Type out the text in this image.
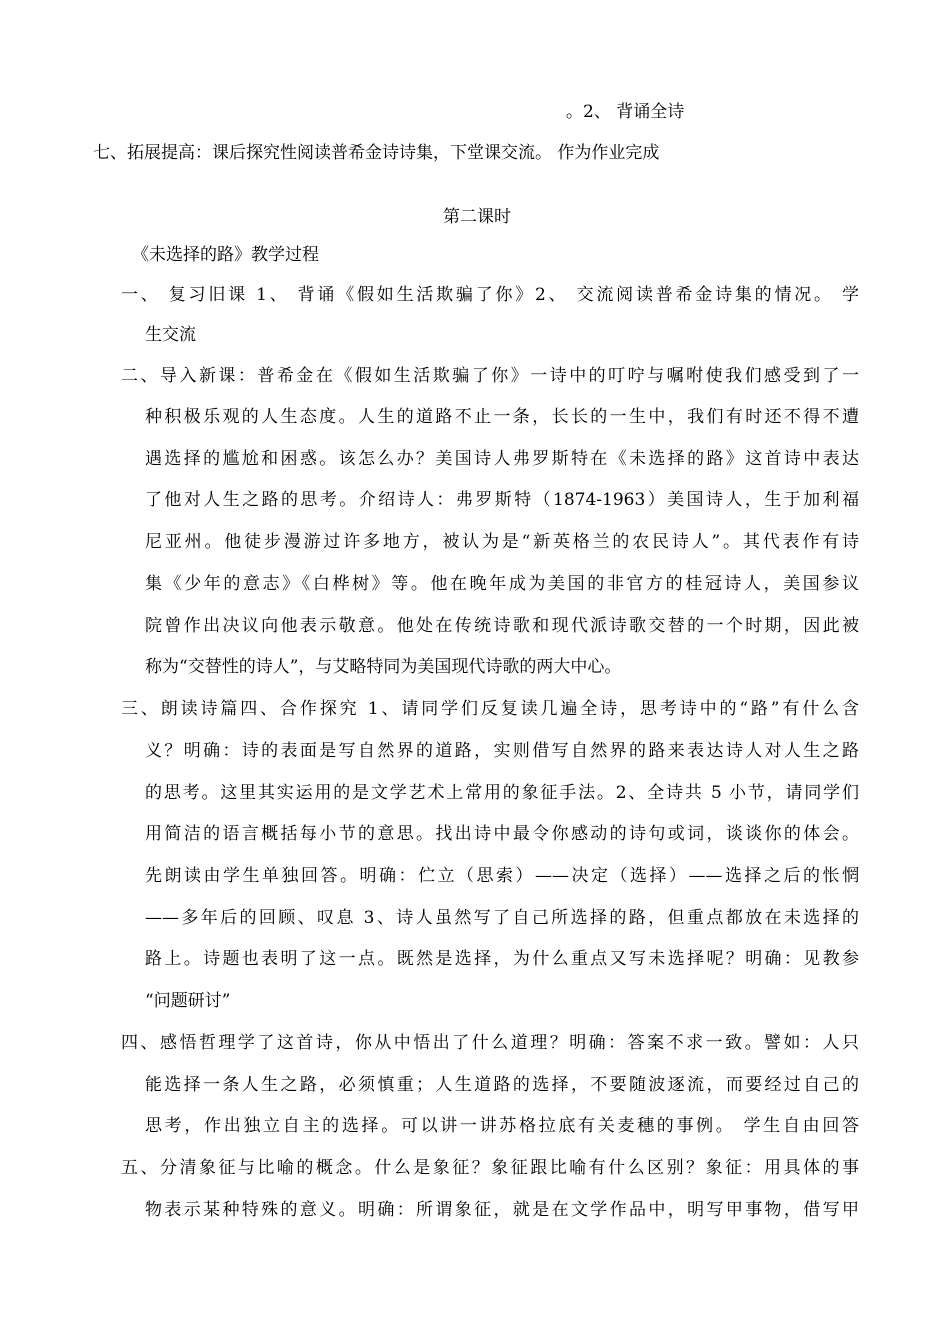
。2、 背诵全诗
七、拓展提高：课后探究性阅读普希金诗诗集，下堂课交流。 作为作业完成
第二课时
《未选择的路》教学过程
一、 复习旧课 1、 背诵《假如生活欺骗了你》2、 交流阅读普希金诗集的情况。 学
生交流
二、导入新课：普希金在《假如生活欺骗了你》一诗中的叮咛与嘱咐使我们感受到了一
种积极乐观的人生态度。人生的道路不止一条，长长的一生中，我们有时还不得不遭
遇选择的尴尬和困惑。该怎么办？美国诗人弗罗斯特在《未选择的路》这首诗中表达
了他对人生之路的思考。介绍诗人：弗罗斯特（1874-1963）美国诗人，生于加利福
尼亚州。他徒步漫游过许多地方，被认为是“新英格兰的农民诗人”。其代表作有诗
集《少年的意志》《白桦树》等。他在晚年成为美国的非官方的桂冠诗人，美国参议
院曾作出决议向他表示敬意。他处在传统诗歌和现代派诗歌交替的一个时期，因此被
称为“交替性的诗人”，与艾略特同为美国现代诗歌的两大中心。
三、朗读诗篇四、合作探究 1、请同学们反复读几遍全诗，思考诗中的“路”有什么含
义？明确：诗的表面是写自然界的道路，实则借写自然界的路来表达诗人对人生之路
的思考。这里其实运用的是文学艺术上常用的象征手法。2、全诗共 5 小节，请同学们
用简洁的语言概括每小节的意思。找出诗中最令你感动的诗句或词，谈谈你的体会。
先朗读由学生单独回答。明确：伫立（思索）——决定（选择）——选择之后的怅惘
——多年后的回顾、叹息 3、诗人虽然写了自己所选择的路，但重点都放在未选择的
路上。诗题也表明了这一点。既然是选择，为什么重点又写未选择呢？明确：见教参
“问题研讨”
四、感悟哲理学了这首诗，你从中悟出了什么道理？明确：答案不求一致。譬如：人只
能选择一条人生之路，必须慎重；人生道路的选择，不要随波逐流，而要经过自己的
思考，作出独立自主的选择。可以讲一讲苏格拉底有关麦穗的事例。 学生自由回答
五、分清象征与比喻的概念。什么是象征？象征跟比喻有什么区别？象征：用具体的事
物表示某种特殊的意义。明确：所谓象征，就是在文学作品中，明写甲事物，借写甲
